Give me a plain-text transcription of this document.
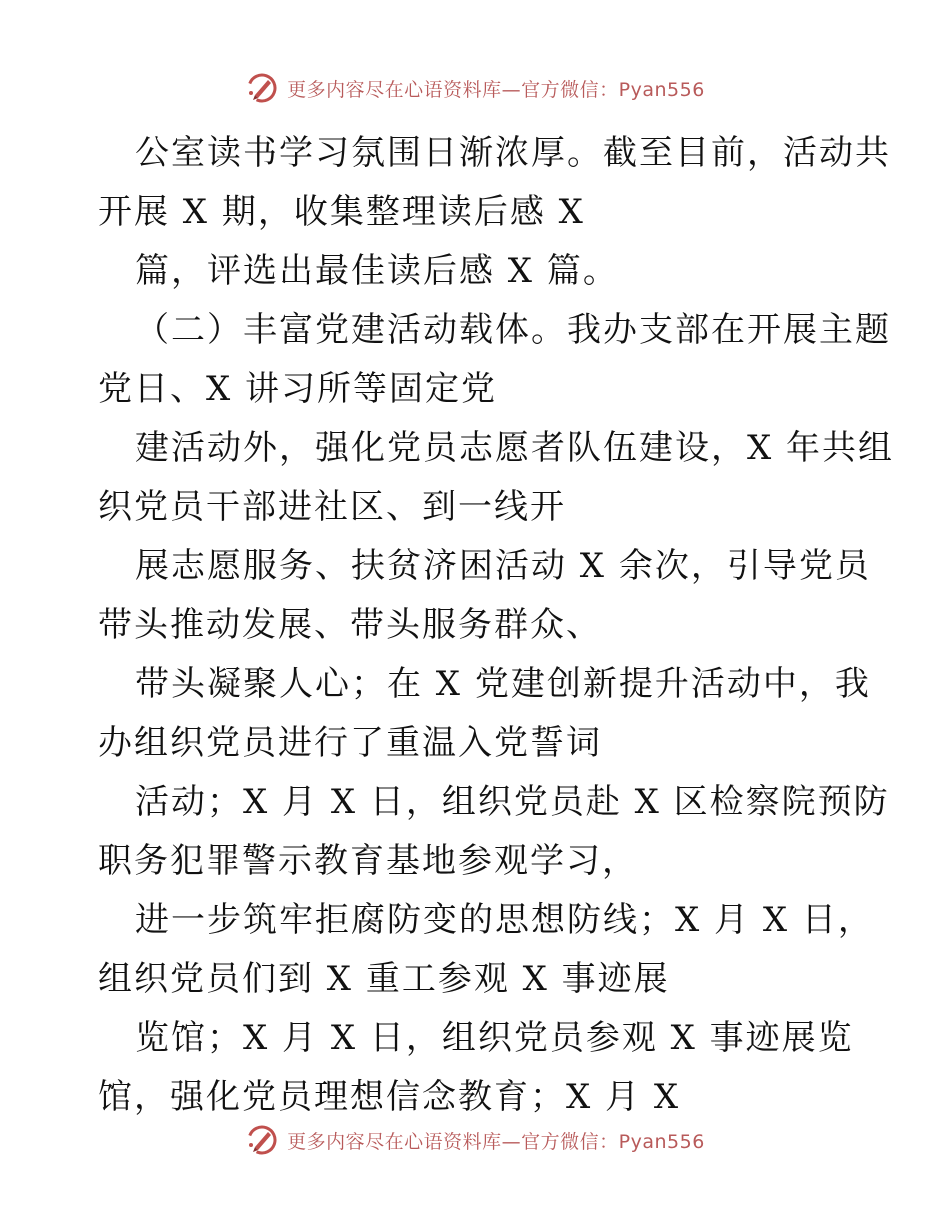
更多内容尽在心语资料库—官方微信：Pyan556
公室读书学习氛围日渐浓厚。截至目前，活动共
开展 X 期，收集整理读后感 X
篇，评选出最佳读后感 X 篇。
（二）丰富党建活动载体。我办支部在开展主题
党日、X 讲习所等固定党
建活动外，强化党员志愿者队伍建设，X 年共组
织党员干部进社区、到一线开
展志愿服务、扶贫济困活动 X 余次，引导党员
带头推动发展、带头服务群众、
带头凝聚人心；在 X 党建创新提升活动中，我
办组织党员进行了重温入党誓词
活动；X 月 X 日，组织党员赴 X 区检察院预防
职务犯罪警示教育基地参观学习，
进一步筑牢拒腐防变的思想防线；X 月 X 日，
组织党员们到 X 重工参观 X 事迹展
览馆；X 月 X 日，组织党员参观 X 事迹展览
馆，强化党员理想信念教育；X 月 X
更多内容尽在心语资料库—官方微信：Pyan556
